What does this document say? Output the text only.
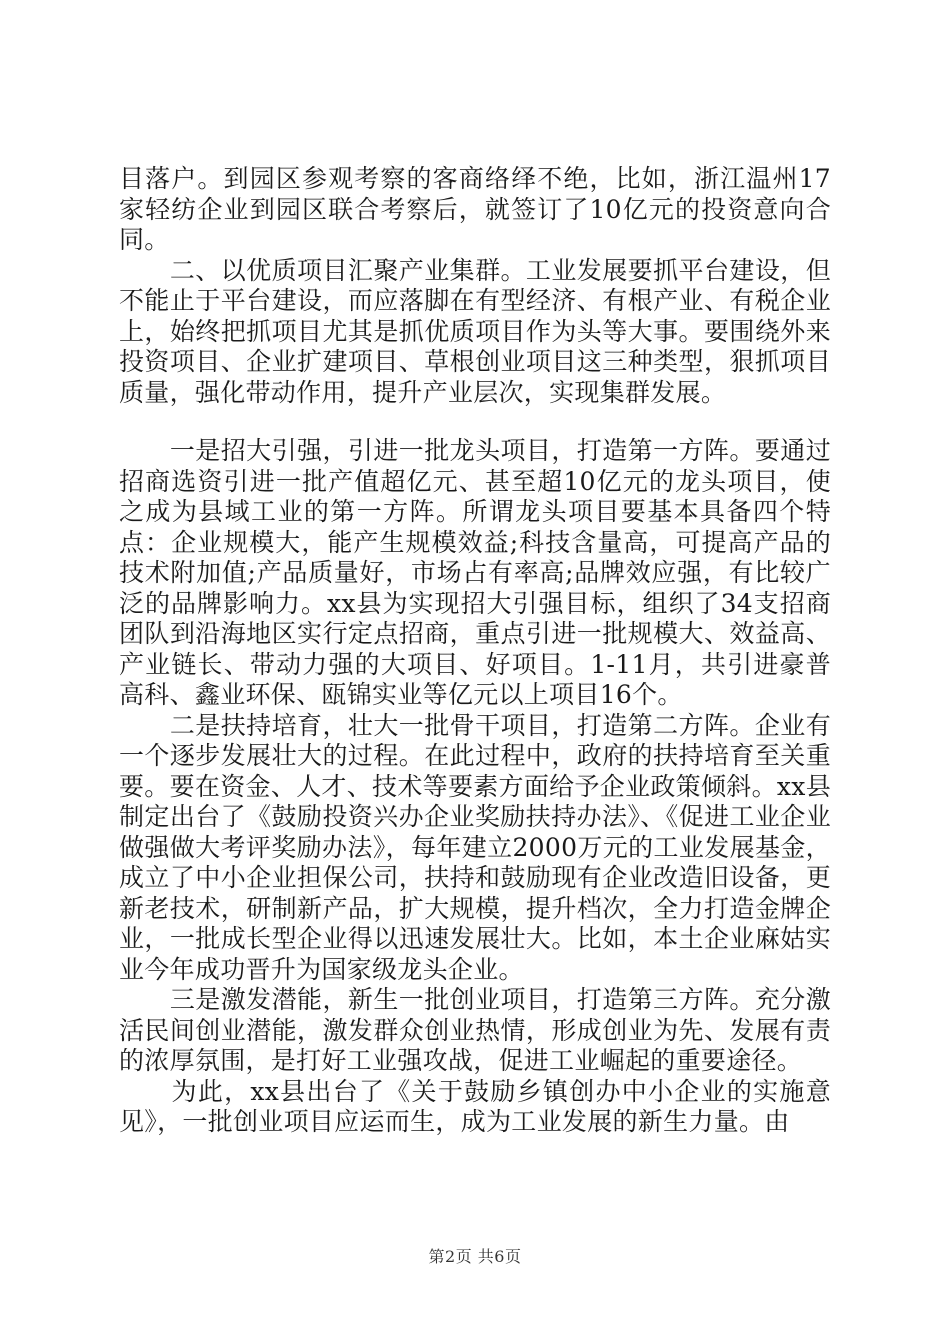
目落户。到园区参观考察的客商络绎不绝，比如，浙江温州17家轻纺企业到园区联合考察后，就签订了10亿元的投资意向合同。

　　二、以优质项目汇聚产业集群。工业发展要抓平台建设，但不能止于平台建设，而应落脚在有型经济、有根产业、有税企业上，始终把抓项目尤其是抓优质项目作为头等大事。要围绕外来投资项目、企业扩建项目、草根创业项目这三种类型，狠抓项目质量，强化带动作用，提升产业层次，实现集群发展。

　　一是招大引强，引进一批龙头项目，打造第一方阵。要通过招商选资引进一批产值超亿元、甚至超10亿元的龙头项目，使之成为县域工业的第一方阵。所谓龙头项目要基本具备四个特点：企业规模大，能产生规模效益;科技含量高，可提高产品的技术附加值;产品质量好，市场占有率高;品牌效应强，有比较广泛的品牌影响力。xx县为实现招大引强目标，组织了34支招商团队到沿海地区实行定点招商，重点引进一批规模大、效益高、产业链长、带动力强的大项目、好项目。1-11月，共引进豪普高科、鑫业环保、瓯锦实业等亿元以上项目16个。

　　二是扶持培育，壮大一批骨干项目，打造第二方阵。企业有一个逐步发展壮大的过程。在此过程中，政府的扶持培育至关重要。要在资金、人才、技术等要素方面给予企业政策倾斜。xx县制定出台了《鼓励投资兴办企业奖励扶持办法》、《促进工业企业做强做大考评奖励办法》，每年建立2000万元的工业发展基金，成立了中小企业担保公司，扶持和鼓励现有企业改造旧设备，更新老技术，研制新产品，扩大规模，提升档次，全力打造金牌企业，一批成长型企业得以迅速发展壮大。比如，本土企业麻姑实业今年成功晋升为国家级龙头企业。

　　三是激发潜能，新生一批创业项目，打造第三方阵。充分激活民间创业潜能，激发群众创业热情，形成创业为先、发展有责的浓厚氛围，是打好工业强攻战，促进工业崛起的重要途径。

　　为此，xx县出台了《关于鼓励乡镇创办中小企业的实施意见》，一批创业项目应运而生，成为工业发展的新生力量。由

第2页 共6页
